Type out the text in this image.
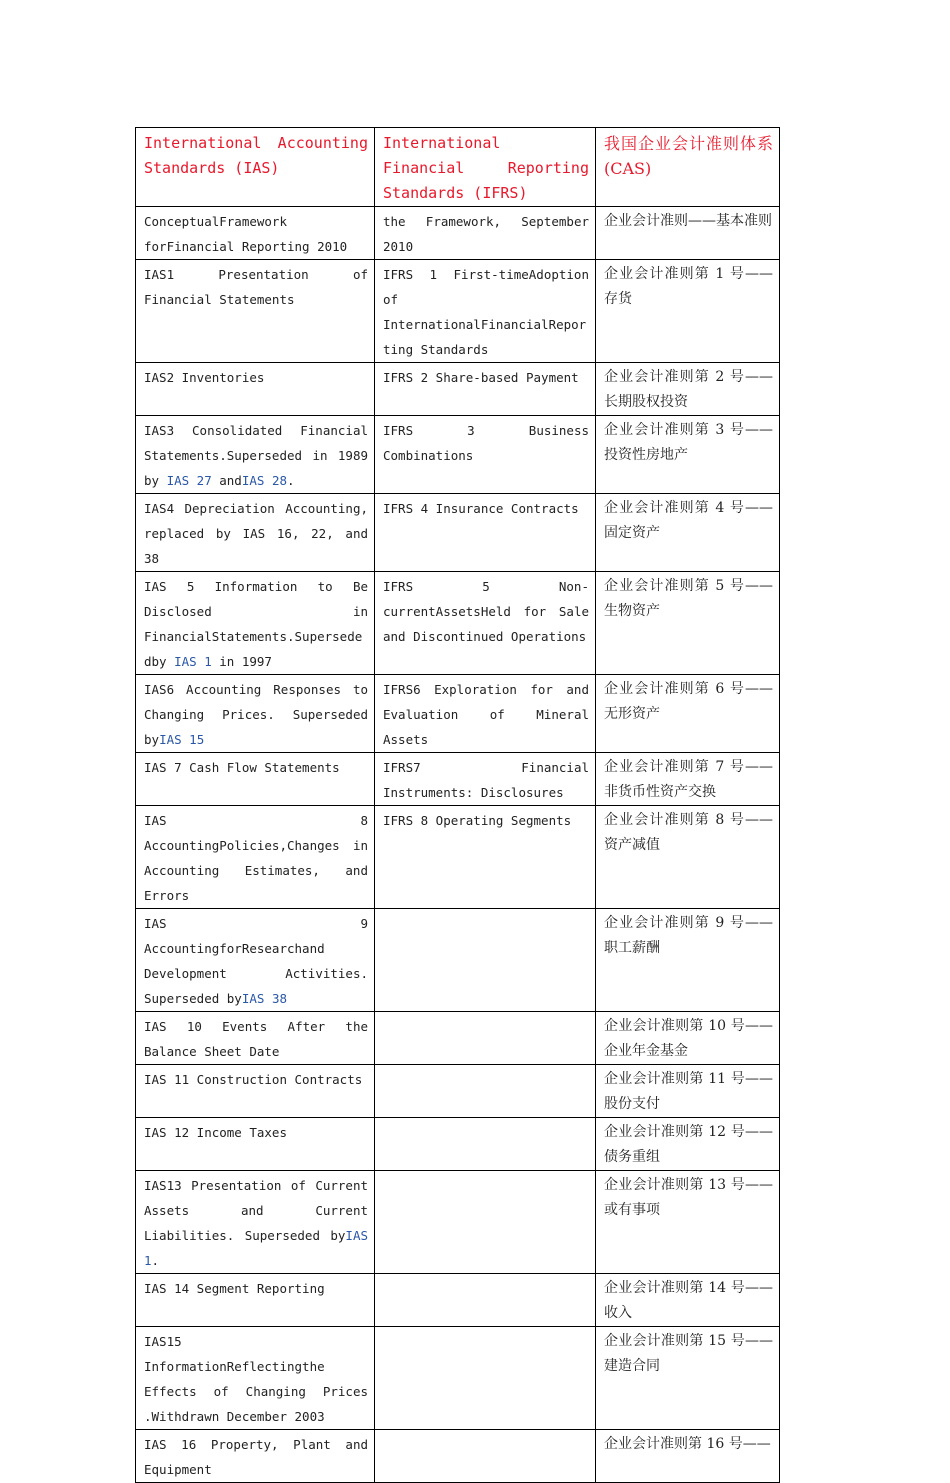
International Accounting Standards (IAS)	International Financial Reporting Standards (IFRS)	我国企业会计准则体系(CAS)
ConceptualFramework forFinancial Reporting 2010	the Framework, September 2010	企业会计准则——基本准则
IAS1 Presentation of Financial Statements	IFRS 1 First-timeAdoption of InternationalFinancialReporting Standards	企业会计准则第 1 号——存货
IAS2 Inventories	IFRS 2 Share-based Payment	企业会计准则第 2 号——长期股权投资
IAS3 Consolidated Financial Statements.Superseded in 1989 by IAS 27 andIAS 28.	IFRS 3 Business Combinations	企业会计准则第 3 号——投资性房地产
IAS4 Depreciation Accounting, replaced by IAS 16, 22, and 38	IFRS 4 Insurance Contracts	企业会计准则第 4 号——固定资产
IAS 5 Information to Be Disclosed in FinancialStatements.Supersededby IAS 1 in 1997	IFRS 5 Non-currentAssetsHeld for Sale and Discontinued Operations	企业会计准则第 5 号——生物资产
IAS6 Accounting Responses to Changing Prices. Superseded byIAS 15	IFRS6 Exploration for and Evaluation of Mineral Assets	企业会计准则第 6 号——无形资产
IAS 7 Cash Flow Statements	IFRS7 Financial Instruments: Disclosures	企业会计准则第 7 号——非货币性资产交换
IAS 8 AccountingPolicies,Changes in Accounting Estimates, and Errors	IFRS 8 Operating Segments	企业会计准则第 8 号——资产减值
IAS 9 AccountingforResearchand Development Activities. Superseded byIAS 38		企业会计准则第 9 号——职工薪酬
IAS 10 Events After the Balance Sheet Date		企业会计准则第 10 号——企业年金基金
IAS 11 Construction Contracts		企业会计准则第 11 号——股份支付
IAS 12 Income Taxes		企业会计准则第 12 号——债务重组
IAS13 Presentation of Current Assets and Current Liabilities. Superseded byIAS 1.		企业会计准则第 13 号——或有事项
IAS 14 Segment Reporting		企业会计准则第 14 号——收入
IAS15 InformationReflectingthe Effects of Changing Prices .Withdrawn December 2003		企业会计准则第 15 号——建造合同
IAS 16 Property, Plant and Equipment		企业会计准则第 16 号——
